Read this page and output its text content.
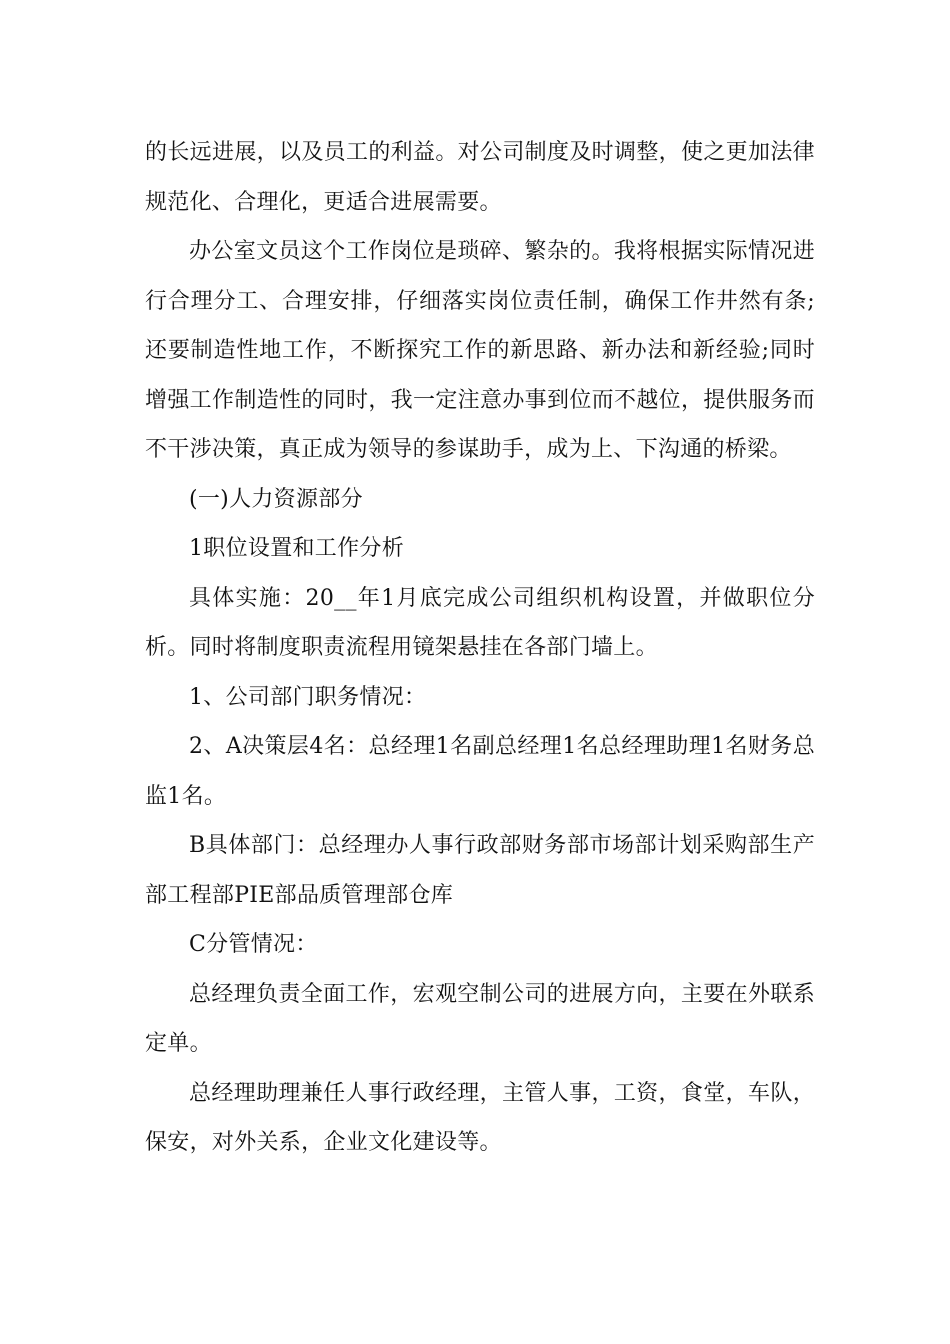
的长远进展，以及员工的利益。对公司制度及时调整，使之更加法律规范化、合理化，更适合进展需要。

办公室文员这个工作岗位是琐碎、繁杂的。我将根据实际情况进行合理分工、合理安排，仔细落实岗位责任制，确保工作井然有条;还要制造性地工作，不断探究工作的新思路、新办法和新经验;同时增强工作制造性的同时，我一定注意办事到位而不越位，提供服务而不干涉决策，真正成为领导的参谋助手，成为上、下沟通的桥梁。

(一)人力资源部分

1职位设置和工作分析

具体实施：20__年1月底完成公司组织机构设置，并做职位分析。同时将制度职责流程用镜架悬挂在各部门墙上。

1、公司部门职务情况：

2、A决策层4名：总经理1名副总经理1名总经理助理1名财务总监1名。

B具体部门：总经理办人事行政部财务部市场部计划采购部生产部工程部PIE部品质管理部仓库

C分管情况：

总经理负责全面工作，宏观空制公司的进展方向，主要在外联系定单。

总经理助理兼任人事行政经理，主管人事，工资，食堂，车队，保安，对外关系，企业文化建设等。
